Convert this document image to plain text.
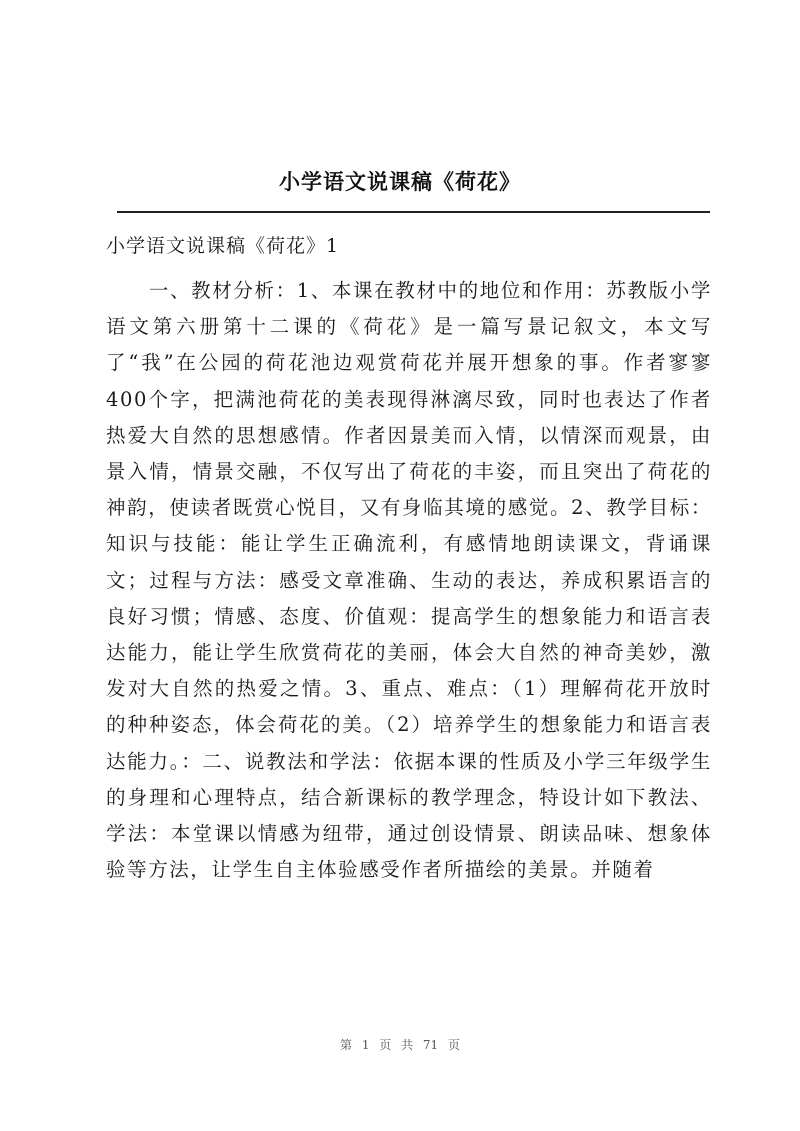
小学语文说课稿《荷花》
小学语文说课稿《荷花》1

一、教材分析：1、本课在教材中的地位和作用：苏教版小学语文第六册第十二课的《荷花》是一篇写景记叙文，本文写了“我”在公园的荷花池边观赏荷花并展开想象的事。作者寥寥400个字，把满池荷花的美表现得淋漓尽致，同时也表达了作者热爱大自然的思想感情。作者因景美而入情，以情深而观景，由景入情，情景交融，不仅写出了荷花的丰姿，而且突出了荷花的神韵，使读者既赏心悦目，又有身临其境的感觉。2、教学目标：知识与技能：能让学生正确流利，有感情地朗读课文，背诵课文；过程与方法：感受文章准确、生动的表达，养成积累语言的良好习惯；情感、态度、价值观：提高学生的想象能力和语言表达能力，能让学生欣赏荷花的美丽，体会大自然的神奇美妙，激发对大自然的热爱之情。3、重点、难点：（1）理解荷花开放时的种种姿态，体会荷花的美。（2）培养学生的想象能力和语言表达能力。：二、说教法和学法：依据本课的性质及小学三年级学生的身理和心理特点，结合新课标的教学理念，特设计如下教法、学法：本堂课以情感为纽带，通过创设情景、朗读品味、想象体验等方法，让学生自主体验感受作者所描绘的美景。并随着

第 1 页 共 71 页
